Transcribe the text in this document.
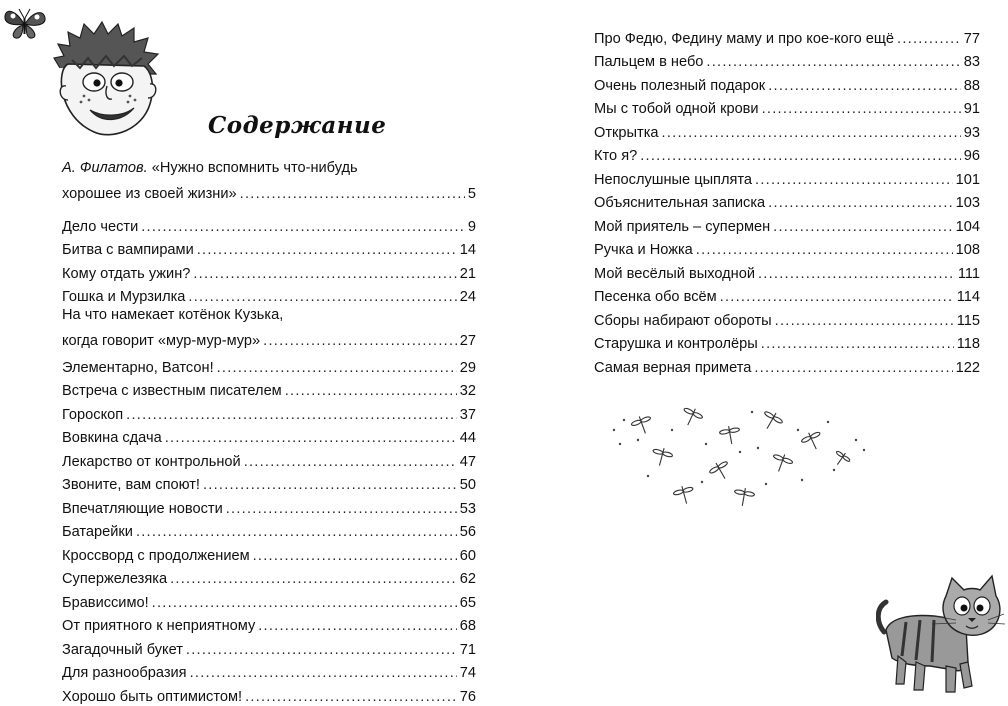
Содержание
А. Филатов. «Нужно вспомнить что-нибудь
хорошее из своей жизни» . . .	5
Дело чести . . .	9
Битва с вампирами . . .	14
Кому отдать ужин? . . .	21
Гошка и Мурзилка . . .	24
На что намекает котёнок Кузька,
когда говорит «мур-мур-мур» . . .	27
Элементарно, Ватсон! . . .	29
Встреча с известным писателем . . .	32
Гороскоп . . .	37
Вовкина сдача . . .	44
Лекарство от контрольной . . .	47
Звоните, вам споют! . . .	50
Впечатляющие новости . . .	53
Батарейки . . .	56
Кроссворд с продолжением . . .	60
Супержелезяка . . .	62
Брависсимо! . . .	65
От приятного к неприятному . . .	68
Загадочный букет . . .	71
Для разнообразия . . .	74
Хорошо быть оптимистом! . . .	76
Про Федю, Федину маму и про кое-кого ещё . . .	77
Пальцем в небо . . .	83
Очень полезный подарок . . .	88
Мы с тобой одной крови . . .	91
Открытка . . .	93
Кто я? . . .	96
Непослушные цыплята . . .	101
Объяснительная записка . . .	103
Мой приятель – супермен . . .	104
Ручка и Ножка . . .	108
Мой весёлый выходной . . .	111
Песенка обо всём . . .	114
Сборы набирают обороты . . .	115
Старушка и контролёры . . .	118
Самая верная примета . . .	122
